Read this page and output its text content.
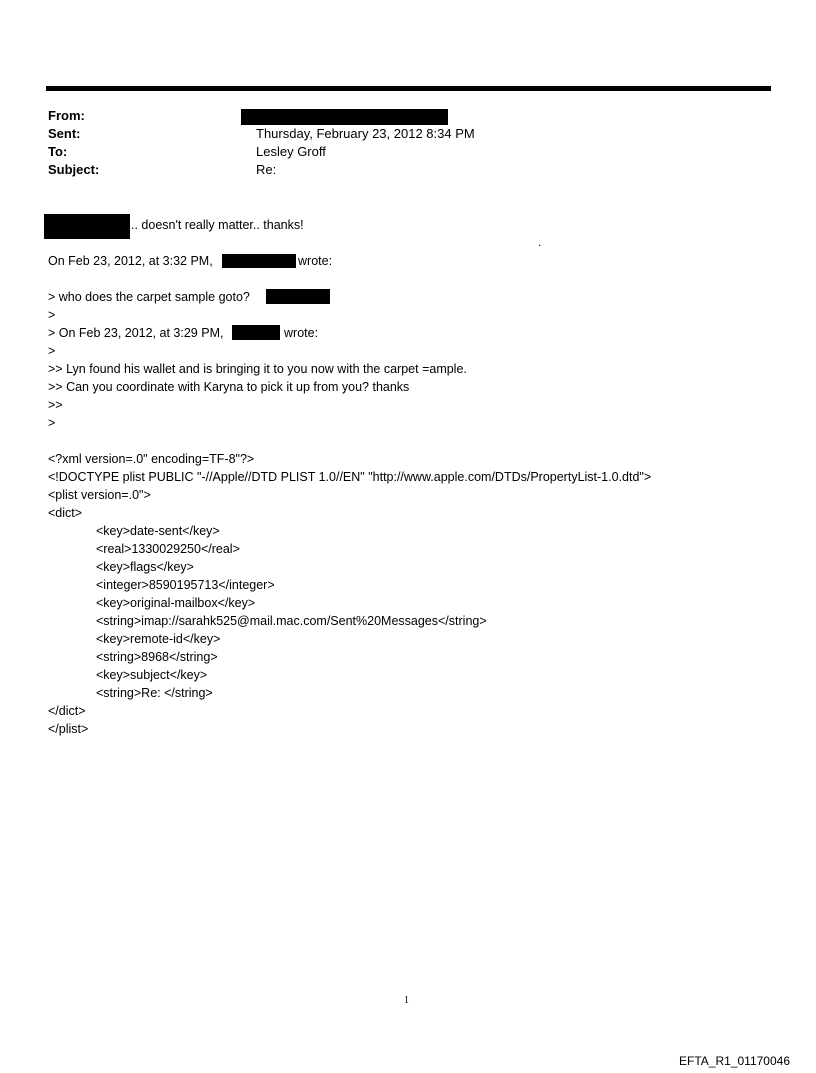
From:
Sent:	Thursday, February 23, 2012 8:34 PM
To:	Lesley Groff
Subject:	Re:
.. doesn't really matter.. thanks!
.
On Feb 23, 2012, at 3:32 PM,	wrote:
> who does the carpet sample goto?
>
> On Feb 23, 2012, at 3:29 PM,	wrote:
>
>> Lyn found his wallet and is bringing it to you now with the carpet =ample.
>> Can you coordinate with Karyna to pick it up from you? thanks
>>
>
<?xml version=.0" encoding=TF-8"?>
<!DOCTYPE plist PUBLIC "-//Apple//DTD PLIST 1.0//EN" "http://www.apple.com/DTDs/PropertyList-1.0.dtd">
<plist version=.0">
<dict>
<key>date-sent</key>
<real>1330029250</real>
<key>flags</key>
<integer>8590195713</integer>
<key>original-mailbox</key>
<string>imap://sarahk525@mail.mac.com/Sent%20Messages</string>
<key>remote-id</key>
<string>8968</string>
<key>subject</key>
<string>Re: </string>
</dict>
</plist>
1
EFTA_R1_01170046
